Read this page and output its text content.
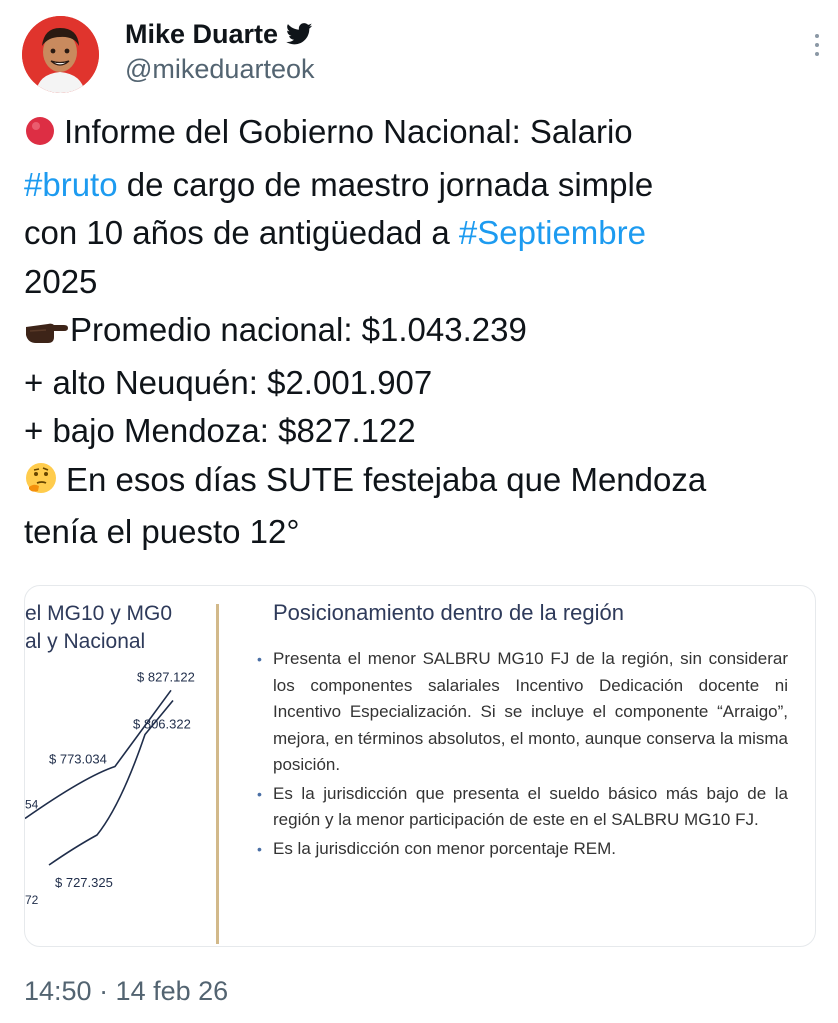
Mike Duarte
@mikeduarteok
Informe del Gobierno Nacional: Salario
#bruto de cargo de maestro jornada simple
con 10 años de antigüedad a #Septiembre
2025
Promedio nacional: $1.043.239
+ alto Neuquén: $2.001.907
+ bajo Mendoza: $827.122
En esos días SUTE festejaba que Mendoza
tenía el puesto 12°
el MG10 y MG0
al y Nacional
$ 827.122
$ 773.034
$ 806.322
$ 727.325
54
72
Posicionamiento dentro de la región
• Presenta el menor SALBRU MG10 FJ de la región, sin considerar los componentes salariales Incentivo Dedicación docente ni Incentivo Especialización. Si se incluye el componente “Arraigo”, mejora, en términos absolutos, el monto, aunque conserva la misma posición.
• Es la jurisdicción que presenta el sueldo básico más bajo de la región y la menor participación de este en el SALBRU MG10 FJ.
• Es la jurisdicción con menor porcentaje REM.
14:50 · 14 feb 26
